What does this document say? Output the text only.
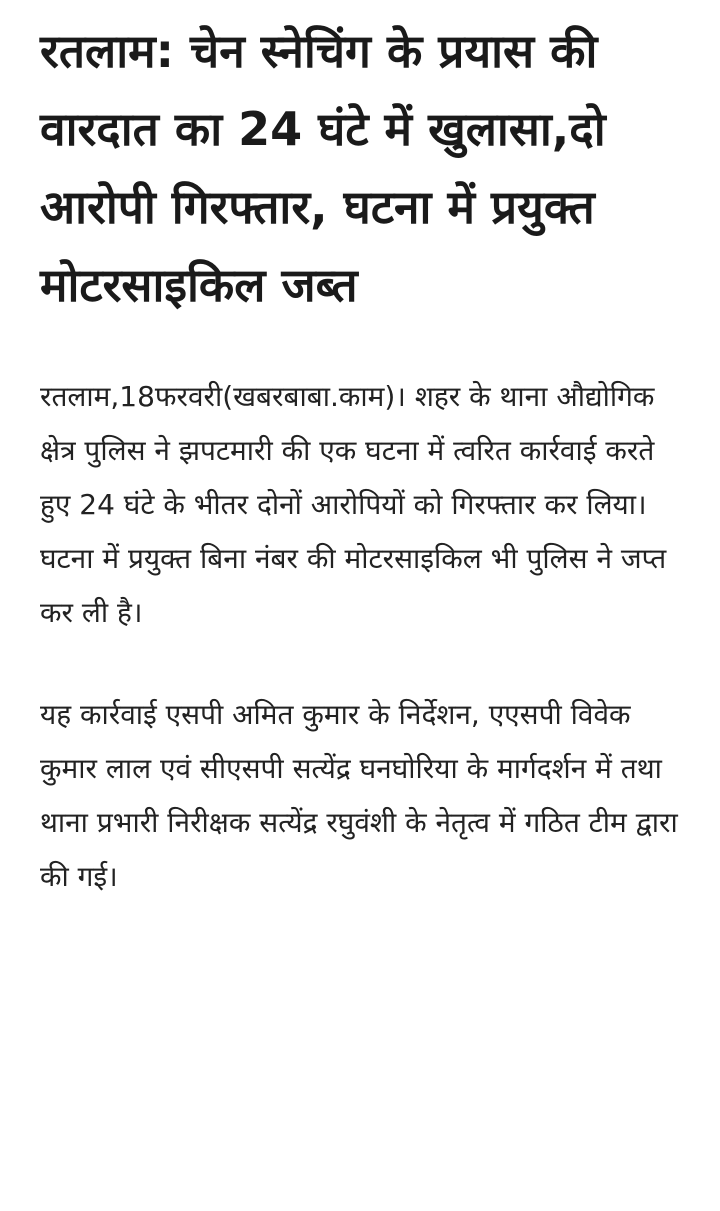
रतलाम: चेन स्नेचिंग के प्रयास की वारदात का 24 घंटे में खुलासा,दो आरोपी गिरफ्तार, घटना में प्रयुक्त मोटरसाइकिल जब्त

रतलाम,18फरवरी(खबरबाबा.काम)। शहर के थाना औद्योगिक क्षेत्र पुलिस ने झपटमारी की एक घटना में त्वरित कार्रवाई करते हुए 24 घंटे के भीतर दोनों आरोपियों को गिरफ्तार कर लिया। घटना में प्रयुक्त बिना नंबर की मोटरसाइकिल भी पुलिस ने जप्त कर ली है।

यह कार्रवाई एसपी अमित कुमार के निर्देशन, एएसपी विवेक कुमार लाल एवं सीएसपी सत्येंद्र घनघोरिया के मार्गदर्शन में तथा थाना प्रभारी निरीक्षक सत्येंद्र रघुवंशी के नेतृत्व में गठित टीम द्वारा की गई।
